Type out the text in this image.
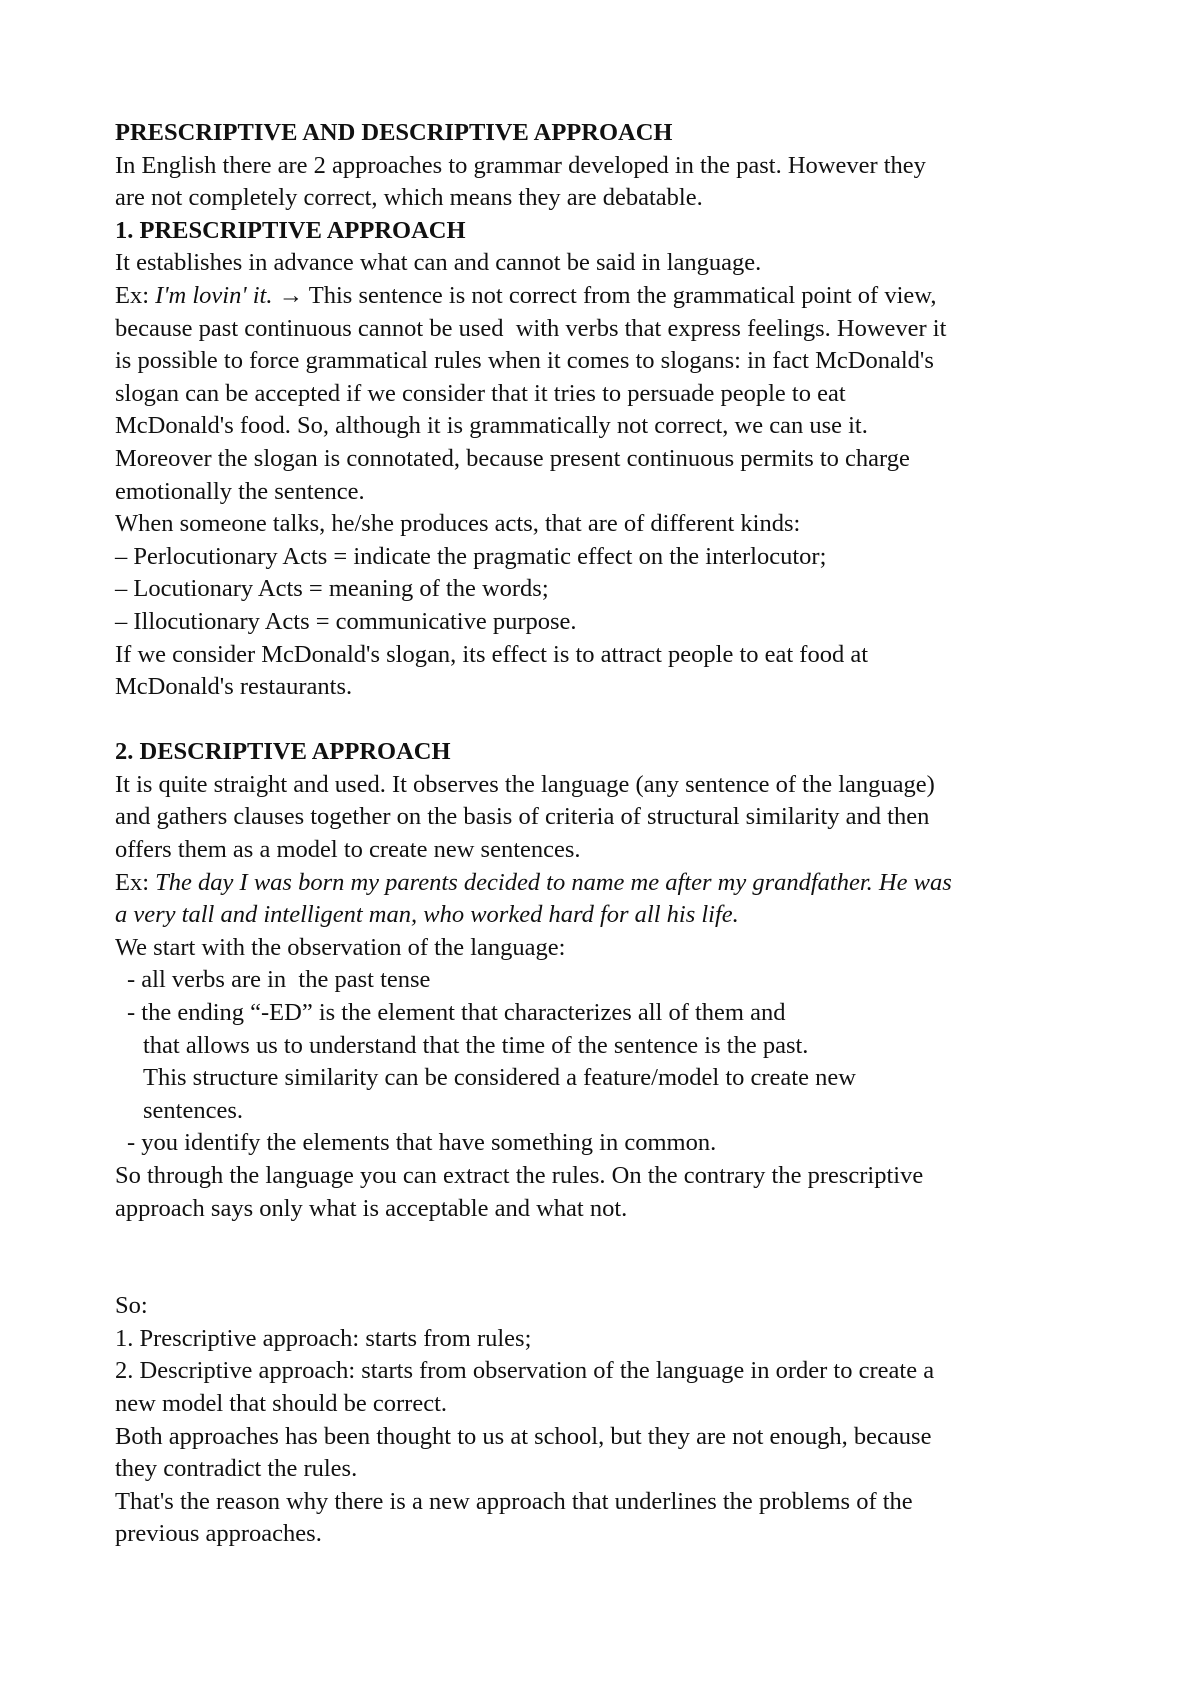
PRESCRIPTIVE AND DESCRIPTIVE APPROACH
In English there are 2 approaches to grammar developed in the past. However they
are not completely correct, which means they are debatable.
1. PRESCRIPTIVE APPROACH
It establishes in advance what can and cannot be said in language.
Ex: I'm lovin' it. → This sentence is not correct from the grammatical point of view,
because past continuous cannot be used  with verbs that express feelings. However it
is possible to force grammatical rules when it comes to slogans: in fact McDonald's
slogan can be accepted if we consider that it tries to persuade people to eat
McDonald's food. So, although it is grammatically not correct, we can use it.
Moreover the slogan is connotated, because present continuous permits to charge
emotionally the sentence.
When someone talks, he/she produces acts, that are of different kinds:
– Perlocutionary Acts = indicate the pragmatic effect on the interlocutor;
– Locutionary Acts = meaning of the words;
– Illocutionary Acts = communicative purpose.
If we consider McDonald's slogan, its effect is to attract people to eat food at
McDonald's restaurants.
2. DESCRIPTIVE APPROACH
It is quite straight and used. It observes the language (any sentence of the language)
and gathers clauses together on the basis of criteria of structural similarity and then
offers them as a model to create new sentences.
Ex: The day I was born my parents decided to name me after my grandfather. He was
a very tall and intelligent man, who worked hard for all his life.
We start with the observation of the language:
- all verbs are in  the past tense
- the ending “-ED” is the element that characterizes all of them and
that allows us to understand that the time of the sentence is the past.
This structure similarity can be considered a feature/model to create new
sentences.
- you identify the elements that have something in common.
So through the language you can extract the rules. On the contrary the prescriptive
approach says only what is acceptable and what not.
So:
1. Prescriptive approach: starts from rules;
2. Descriptive approach: starts from observation of the language in order to create a
new model that should be correct.
Both approaches has been thought to us at school, but they are not enough, because
they contradict the rules.
That's the reason why there is a new approach that underlines the problems of the
previous approaches.
